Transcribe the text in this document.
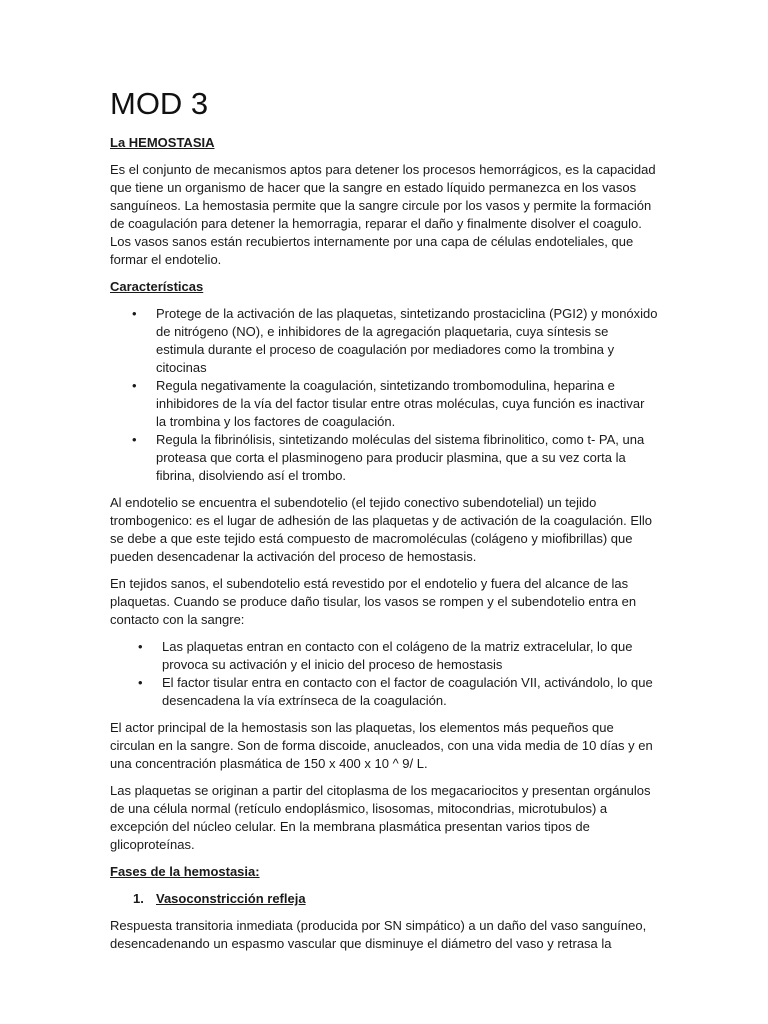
MOD 3
La HEMOSTASIA

Es el conjunto de mecanismos aptos para detener los procesos hemorrágicos, es la capacidad que tiene un organismo de hacer que la sangre en estado líquido permanezca en los vasos sanguíneos. La hemostasia permite que la sangre circule por los vasos y permite la formación de coagulación para detener la hemorragia, reparar el daño y finalmente disolver el coagulo. Los vasos sanos están recubiertos internamente por una capa de células endoteliales, que formar el endotelio.

Características
• Protege de la activación de las plaquetas, sintetizando prostaciclina (PGI2) y monóxido de nitrógeno (NO), e inhibidores de la agregación plaquetaria, cuya síntesis se estimula durante el proceso de coagulación por mediadores como la trombina y citocinas
• Regula negativamente la coagulación, sintetizando trombomodulina, heparina e inhibidores de la vía del factor tisular entre otras moléculas, cuya función es inactivar la trombina y los factores de coagulación.
• Regula la fibrinólisis, sintetizando moléculas del sistema fibrinolitico, como t- PA, una proteasa que corta el plasminogeno para producir plasmina, que a su vez corta la fibrina, disolviendo así el trombo.

Al endotelio se encuentra el subendotelio (el tejido conectivo subendotelial) un tejido trombogenico: es el lugar de adhesión de las plaquetas y de activación de la coagulación. Ello se debe a que este tejido está compuesto de macromoléculas (colágeno y miofibrillas) que pueden desencadenar la activación del proceso de hemostasis.

En tejidos sanos, el subendotelio está revestido por el endotelio y fuera del alcance de las plaquetas. Cuando se produce daño tisular, los vasos se rompen y el subendotelio entra en contacto con la sangre:

• Las plaquetas entran en contacto con el colágeno de la matriz extracelular, lo que provoca su activación y el inicio del proceso de hemostasis
• El factor tisular entra en contacto con el factor de coagulación VII, activándolo, lo que desencadena la vía extrínseca de la coagulación.

El actor principal de la hemostasis son las plaquetas, los elementos más pequeños que circulan en la sangre. Son de forma discoide, anucleados, con una vida media de 10 días y en una concentración plasmática de 150 x 400 x 10 ^ 9/ L.

Las plaquetas se originan a partir del citoplasma de los megacariocitos y presentan orgánulos de una célula normal (retículo endoplásmico, lisosomas, mitocondrias, microtubulos) a excepción del núcleo celular. En la membrana plasmática presentan varios tipos de glicoproteínas.

Fases de la hemostasia:
1. Vasoconstricción refleja

Respuesta transitoria inmediata (producida por SN simpático) a un daño del vaso sanguíneo, desencadenando un espasmo vascular que disminuye el diámetro del vaso y retrasa la
